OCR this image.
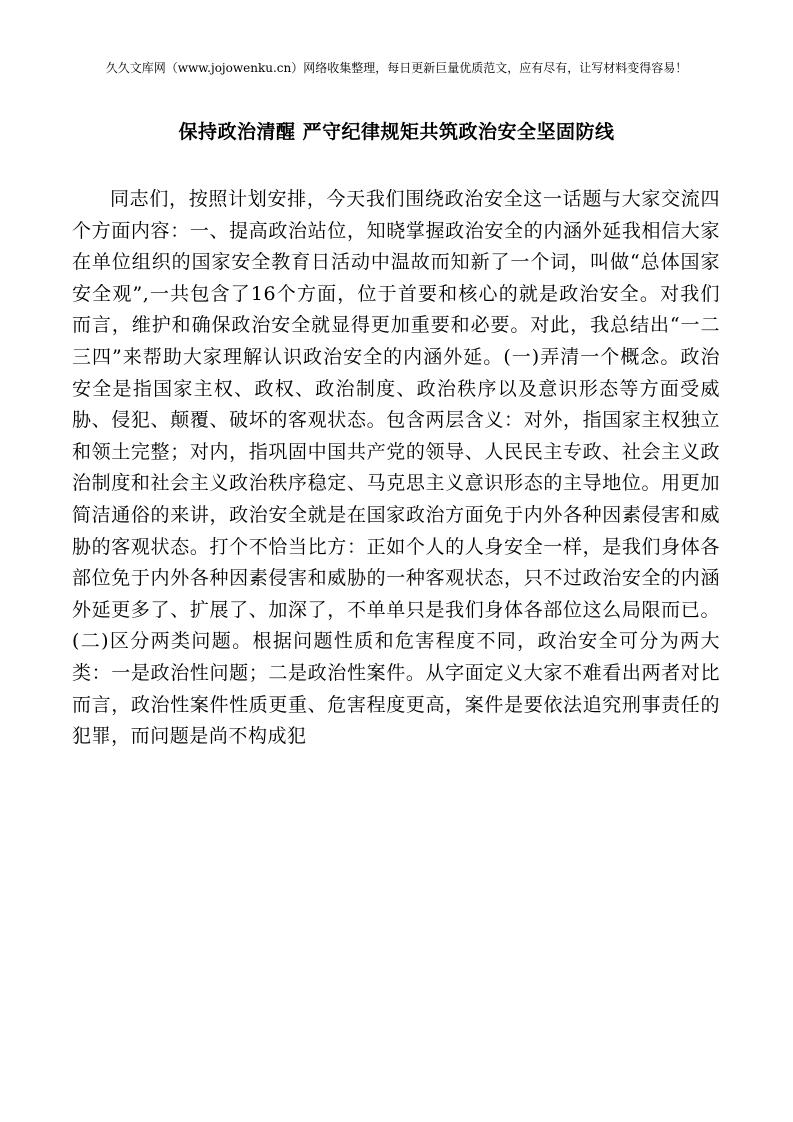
久久文库网（www.jojowenku.cn）网络收集整理，每日更新巨量优质范文，应有尽有，让写材料变得容易！
保持政治清醒 严守纪律规矩共筑政治安全坚固防线

同志们，按照计划安排，今天我们围绕政治安全这一话题与大家交流四个方面内容：一、提高政治站位，知晓掌握政治安全的内涵外延我相信大家在单位组织的国家安全教育日活动中温故而知新了一个词，叫做“总体国家安全观”,一共包含了16个方面，位于首要和核心的就是政治安全。对我们而言，维护和确保政治安全就显得更加重要和必要。对此，我总结出“一二三四”来帮助大家理解认识政治安全的内涵外延。(一)弄清一个概念。政治安全是指国家主权、政权、政治制度、政治秩序以及意识形态等方面受威胁、侵犯、颠覆、破坏的客观状态。包含两层含义：对外，指国家主权独立和领土完整；对内，指巩固中国共产党的领导、人民民主专政、社会主义政治制度和社会主义政治秩序稳定、马克思主义意识形态的主导地位。用更加简洁通俗的来讲，政治安全就是在国家政治方面免于内外各种因素侵害和威胁的客观状态。打个不恰当比方：正如个人的人身安全一样，是我们身体各部位免于内外各种因素侵害和威胁的一种客观状态，只不过政治安全的内涵外延更多了、扩展了、加深了，不单单只是我们身体各部位这么局限而已。(二)区分两类问题。根据问题性质和危害程度不同，政治安全可分为两大类：一是政治性问题；二是政治性案件。从字面定义大家不难看出两者对比而言，政治性案件性质更重、危害程度更高，案件是要依法追究刑事责任的犯罪，而问题是尚不构成犯
